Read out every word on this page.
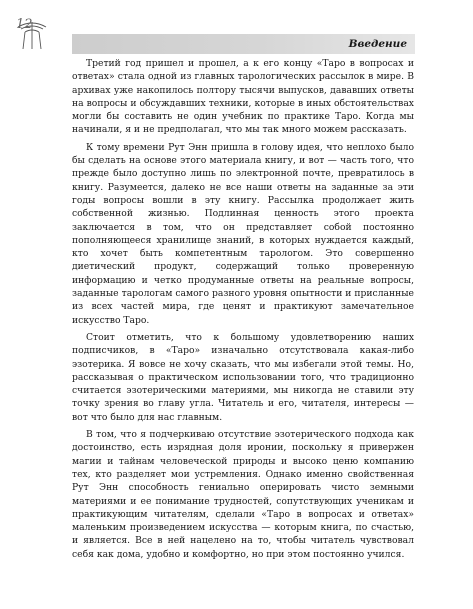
12
Введение

Третий год пришел и прошел, а к его концу «Таро в вопросах и ответах» стала одной из главных тарологических рассылок в мире. В архивах уже накопилось полтору тысячи выпусков, дававших ответы на вопросы и обсуждавших техники, которые в иных обстоятельствах могли бы составить не один учебник по практике Таро. Когда мы начинали, я и не предполагал, что мы так много можем рассказать.

К тому времени Рут Энн пришла в голову идея, что неплохо было бы сделать на основе этого материала книгу, и вот — часть того, что прежде было доступно лишь по электронной почте, превратилось в книгу. Разумеется, далеко не все наши ответы на заданные за эти годы вопросы вошли в эту книгу. Рассылка продолжает жить собственной жизнью. Подлинная ценность этого проекта заключается в том, что он представляет собой постоянно пополняющееся хранилище знаний, в которых нуждается каждый, кто хочет быть компетентным тарологом. Это совершенно диетический продукт, содержащий только проверенную информацию и четко продуманные ответы на реальные вопросы, заданные тарологам самого разного уровня опытности и присланные из всех частей мира, где ценят и практикуют замечательное искусство Таро.

Стоит отметить, что к большому удовлетворению наших подписчиков, в «Таро» изначально отсутствовала какая-либо эзотерика. Я вовсе не хочу сказать, что мы избегали этой темы. Но, рассказывая о практическом использовании того, что традиционно считается эзотерическими материями, мы никогда не ставили эту точку зрения во главу угла. Читатель и его, читателя, интересы — вот что было для нас главным.

В том, что я подчеркиваю отсутствие эзотерического подхода как достоинство, есть изрядная доля иронии, поскольку я привержен магии и тайнам человеческой природы и высоко ценю компанию тех, кто разделяет мои устремления. Однако именно свойственная Рут Энн способность гениально оперировать чисто земными материями и ее понимание трудностей, сопутствующих ученикам и практикующим читателям, сделали «Таро в вопросах и ответах» маленьким произведением искусства — которым книга, по счастью, и является. Все в ней нацелено на то, чтобы читатель чувствовал себя как дома, удобно и комфортно, но при этом постоянно учился.
